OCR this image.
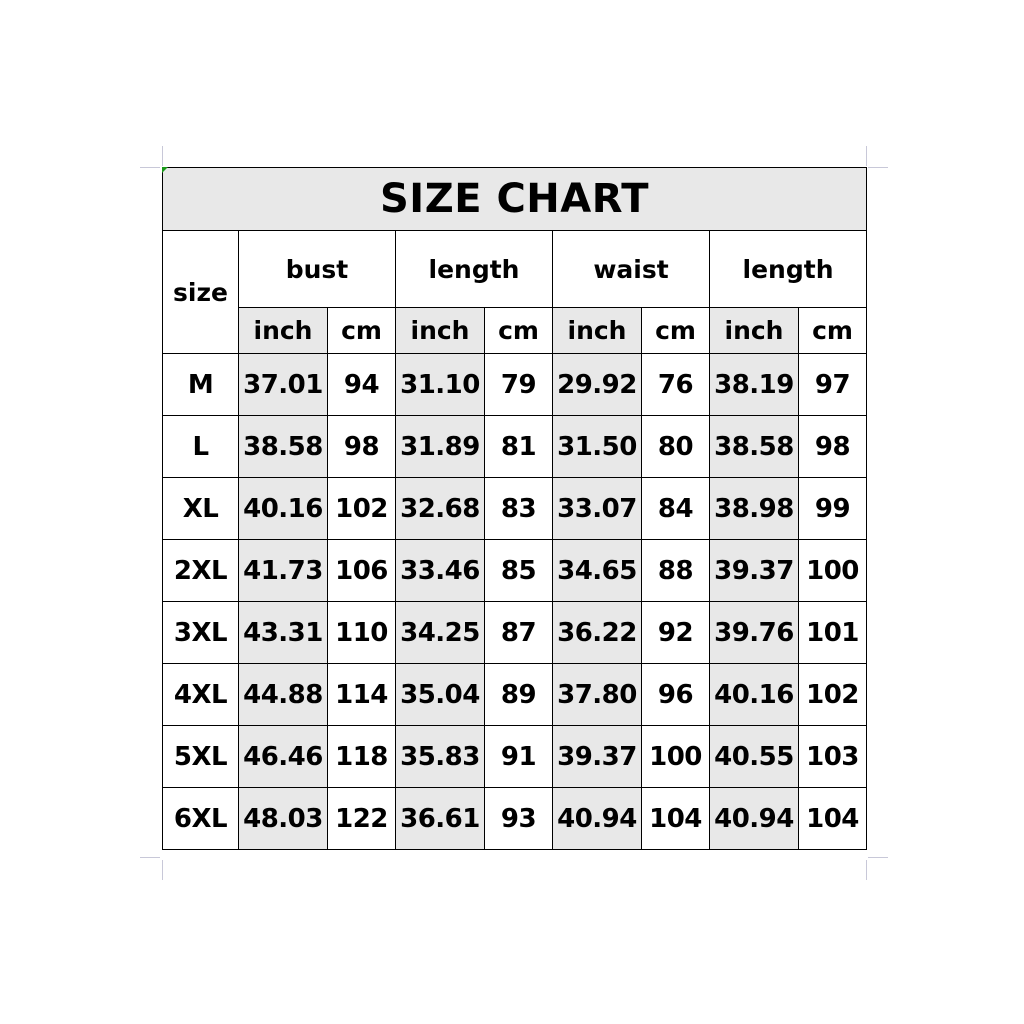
SIZE CHART								
size	bust		length		waist		length	
	inch	cm	inch	cm	inch	cm	inch	cm
M	37.01	94	31.10	79	29.92	76	38.19	97
L	38.58	98	31.89	81	31.50	80	38.58	98
XL	40.16	102	32.68	83	33.07	84	38.98	99
2XL	41.73	106	33.46	85	34.65	88	39.37	100
3XL	43.31	110	34.25	87	36.22	92	39.76	101
4XL	44.88	114	35.04	89	37.80	96	40.16	102
5XL	46.46	118	35.83	91	39.37	100	40.55	103
6XL	48.03	122	36.61	93	40.94	104	40.94	104
